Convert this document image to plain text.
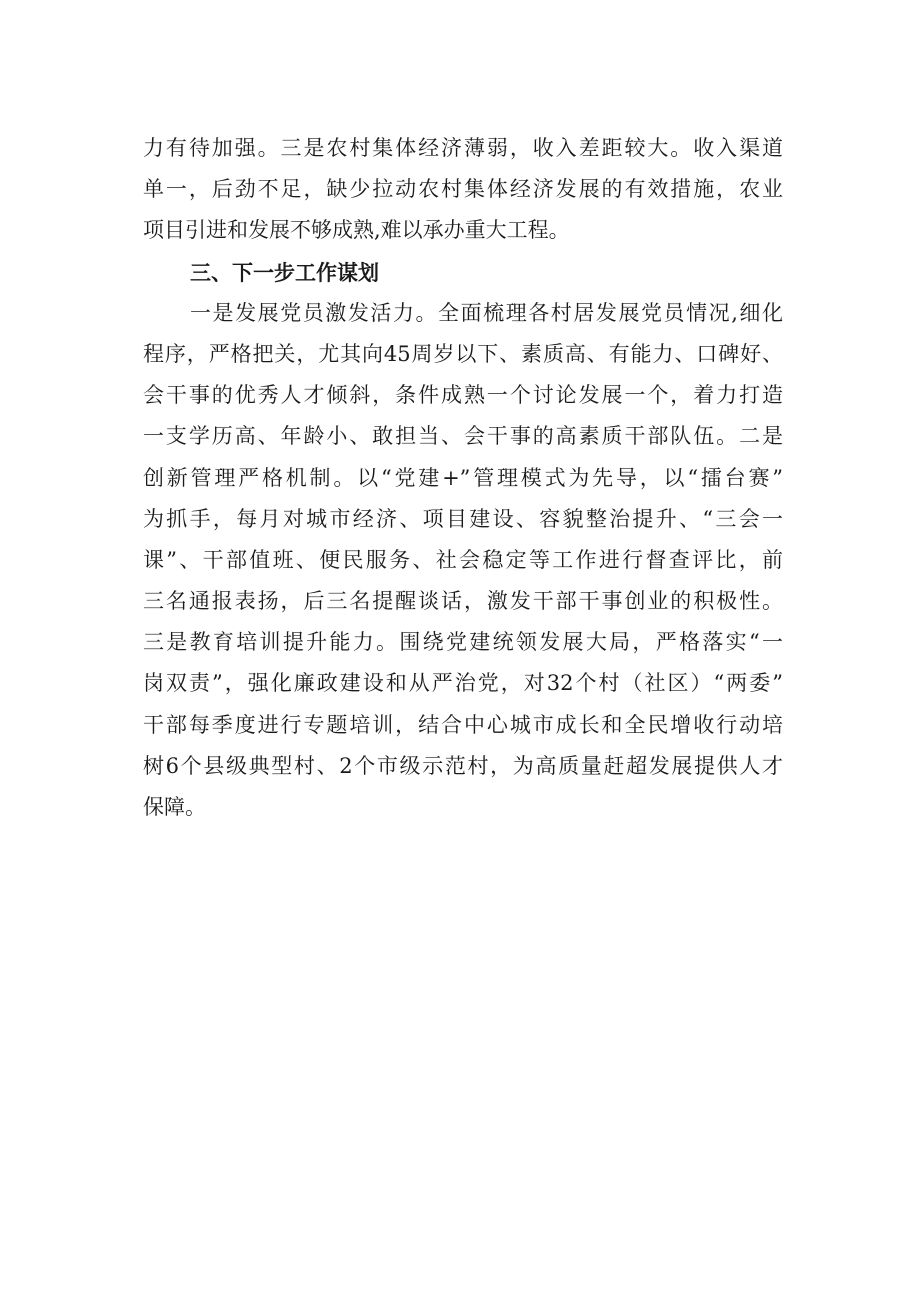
力有待加强。三是农村集体经济薄弱，收入差距较大。收入渠道
单一，后劲不足，缺少拉动农村集体经济发展的有效措施，农业
项目引进和发展不够成熟,难以承办重大工程。
三、下一步工作谋划
一是发展党员激发活力。全面梳理各村居发展党员情况,细化
程序，严格把关，尤其向45周岁以下、素质高、有能力、口碑好、
会干事的优秀人才倾斜，条件成熟一个讨论发展一个，着力打造
一支学历高、年龄小、敢担当、会干事的高素质干部队伍。二是
创新管理严格机制。以“党建+”管理模式为先导，以“擂台赛”
为抓手，每月对城市经济、项目建设、容貌整治提升、“三会一
课”、干部值班、便民服务、社会稳定等工作进行督查评比，前
三名通报表扬，后三名提醒谈话，激发干部干事创业的积极性。
三是教育培训提升能力。围绕党建统领发展大局，严格落实“一
岗双责”，强化廉政建设和从严治党，对32个村（社区）“两委”
干部每季度进行专题培训，结合中心城市成长和全民增收行动培
树6个县级典型村、2个市级示范村，为高质量赶超发展提供人才
保障。
